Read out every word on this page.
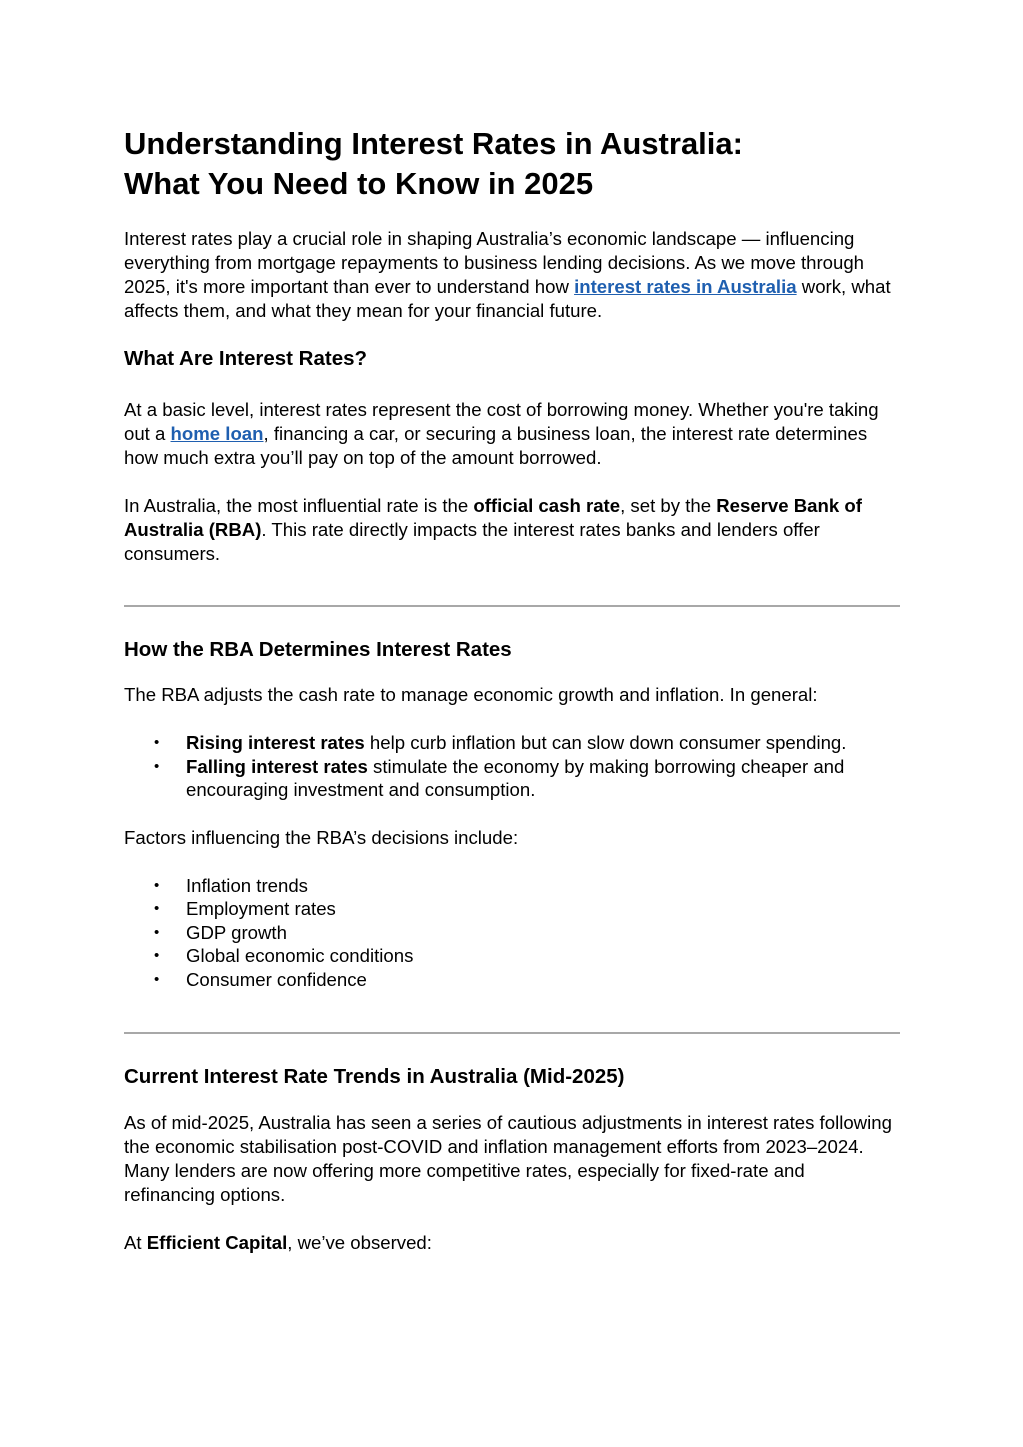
Understanding Interest Rates in Australia:
What You Need to Know in 2025

Interest rates play a crucial role in shaping Australia’s economic landscape — influencing everything from mortgage repayments to business lending decisions. As we move through 2025, it's more important than ever to understand how interest rates in Australia work, what affects them, and what they mean for your financial future.

What Are Interest Rates?

At a basic level, interest rates represent the cost of borrowing money. Whether you're taking out a home loan, financing a car, or securing a business loan, the interest rate determines how much extra you’ll pay on top of the amount borrowed.

In Australia, the most influential rate is the official cash rate, set by the Reserve Bank of Australia (RBA). This rate directly impacts the interest rates banks and lenders offer consumers.

How the RBA Determines Interest Rates

The RBA adjusts the cash rate to manage economic growth and inflation. In general:

• Rising interest rates help curb inflation but can slow down consumer spending.
• Falling interest rates stimulate the economy by making borrowing cheaper and encouraging investment and consumption.

Factors influencing the RBA’s decisions include:

• Inflation trends
• Employment rates
• GDP growth
• Global economic conditions
• Consumer confidence
Current Interest Rate Trends in Australia (Mid-2025)

As of mid-2025, Australia has seen a series of cautious adjustments in interest rates following the economic stabilisation post-COVID and inflation management efforts from 2023–2024. Many lenders are now offering more competitive rates, especially for fixed-rate and refinancing options.

At Efficient Capital, we’ve observed:
